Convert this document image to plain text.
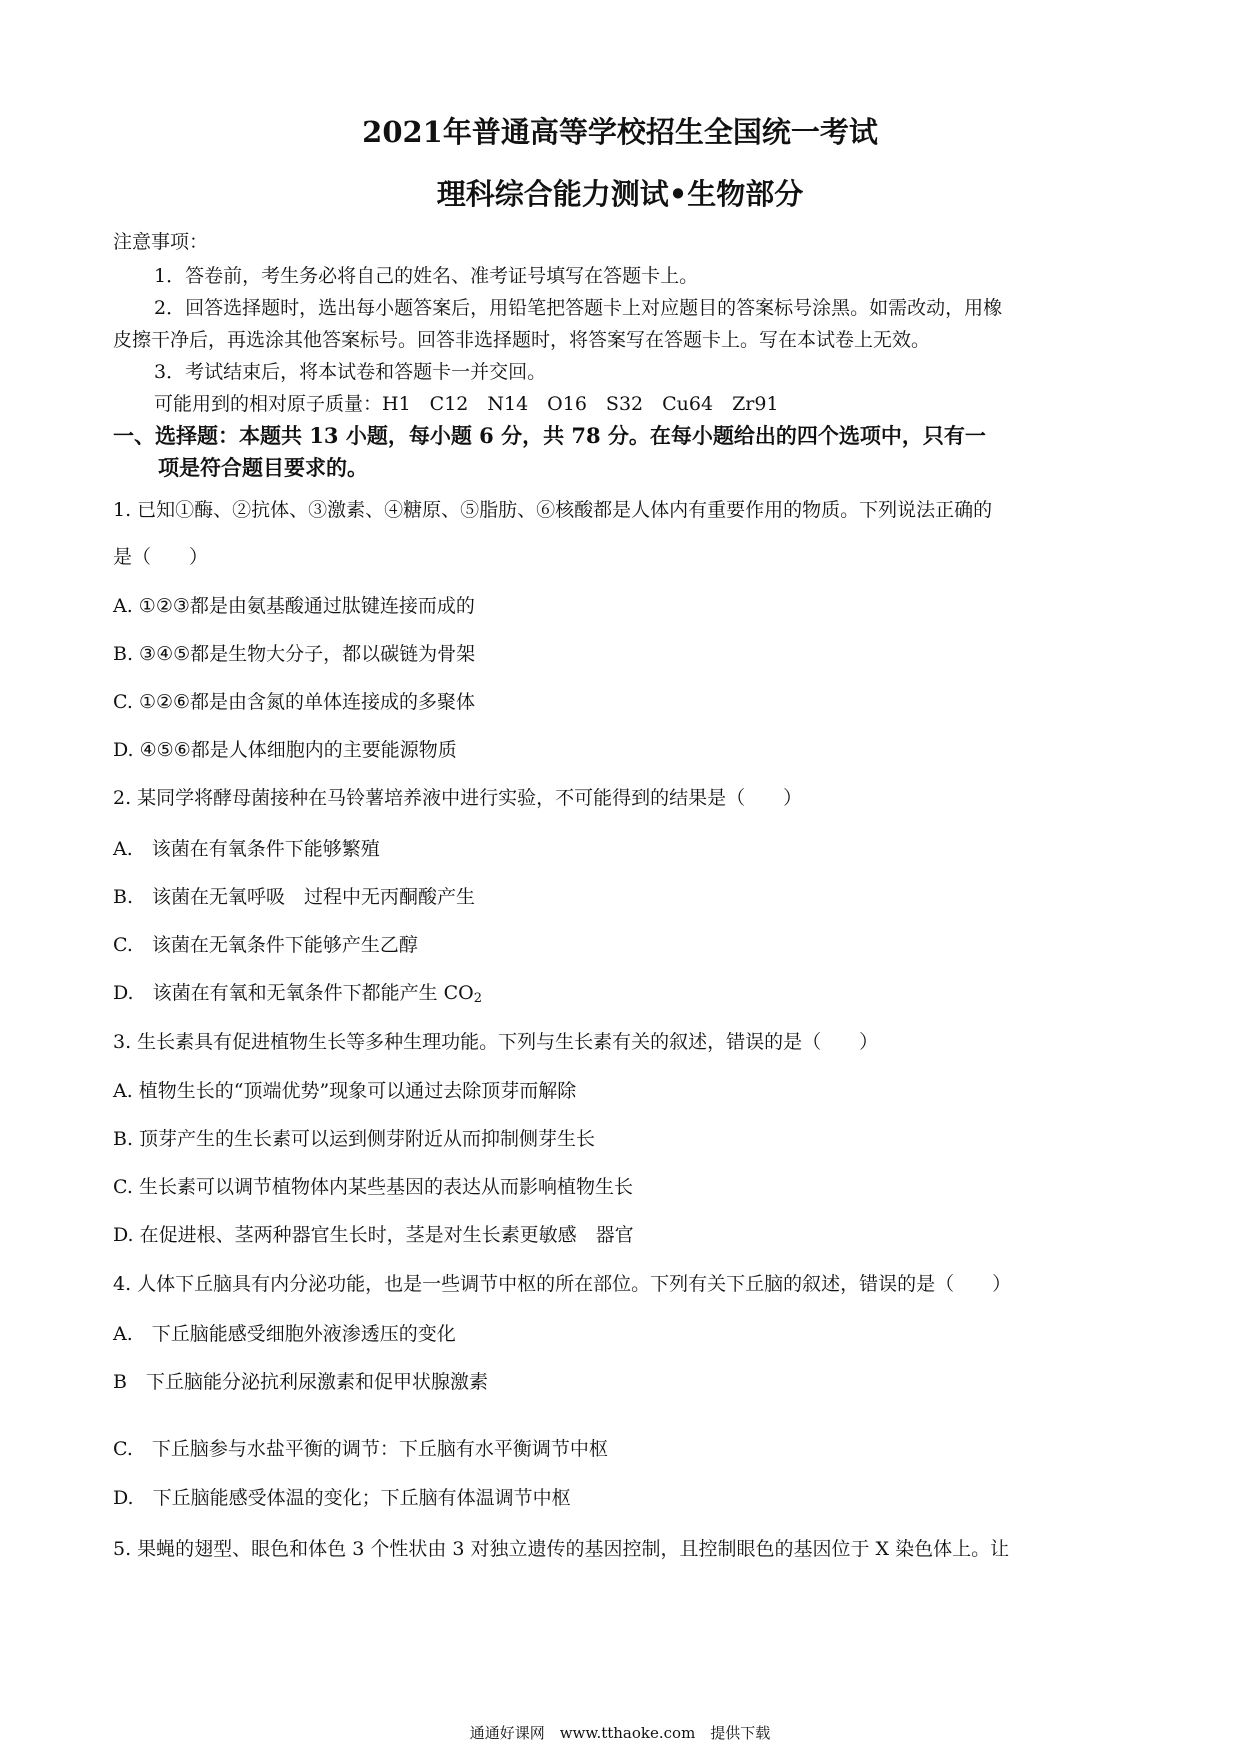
2021年普通高等学校招生全国统一考试
理科综合能力测试•生物部分
注意事项：
1．答卷前，考生务必将自己的姓名、准考证号填写在答题卡上。
2．回答选择题时，选出每小题答案后，用铅笔把答题卡上对应题目的答案标号涂黑。如需改动，用橡
皮擦干净后，再选涂其他答案标号。回答非选择题时，将答案写在答题卡上。写在本试卷上无效。
3．考试结束后，将本试卷和答题卡一并交回。
可能用到的相对原子质量：H1　C12　N14　O16　S32　Cu64　Zr91
一、选择题：本题共 13 小题，每小题 6 分，共 78 分。在每小题给出的四个选项中，只有一
项是符合题目要求的。
1. 已知①酶、②抗体、③激素、④糖原、⑤脂肪、⑥核酸都是人体内有重要作用的物质。下列说法正确的
是（　　）
A. ①②③都是由氨基酸通过肽键连接而成的
B. ③④⑤都是生物大分子，都以碳链为骨架
C. ①②⑥都是由含氮的单体连接成的多聚体
D. ④⑤⑥都是人体细胞内的主要能源物质
2. 某同学将酵母菌接种在马铃薯培养液中进行实验，不可能得到的结果是（　　）
A.　该菌在有氧条件下能够繁殖
B.　该菌在无氧呼吸　过程中无丙酮酸产生
C.　该菌在无氧条件下能够产生乙醇
D.　该菌在有氧和无氧条件下都能产生 $CO_2$
3. 生长素具有促进植物生长等多种生理功能。下列与生长素有关的叙述，错误的是（　　）
A. 植物生长的“顶端优势”现象可以通过去除顶芽而解除
B. 顶芽产生的生长素可以运到侧芽附近从而抑制侧芽生长
C. 生长素可以调节植物体内某些基因的表达从而影响植物生长
D. 在促进根、茎两种器官生长时，茎是对生长素更敏感　器官
4. 人体下丘脑具有内分泌功能，也是一些调节中枢的所在部位。下列有关下丘脑的叙述，错误的是（　　）
A.　下丘脑能感受细胞外液渗透压的变化
B　下丘脑能分泌抗利尿激素和促甲状腺激素
C.　下丘脑参与水盐平衡的调节：下丘脑有水平衡调节中枢
D.　下丘脑能感受体温的变化；下丘脑有体温调节中枢
5. 果蝇的翅型、眼色和体色 3 个性状由 3 对独立遗传的基因控制，且控制眼色的基因位于 X 染色体上。让
通通好课网　www.tthaoke.com　提供下载
